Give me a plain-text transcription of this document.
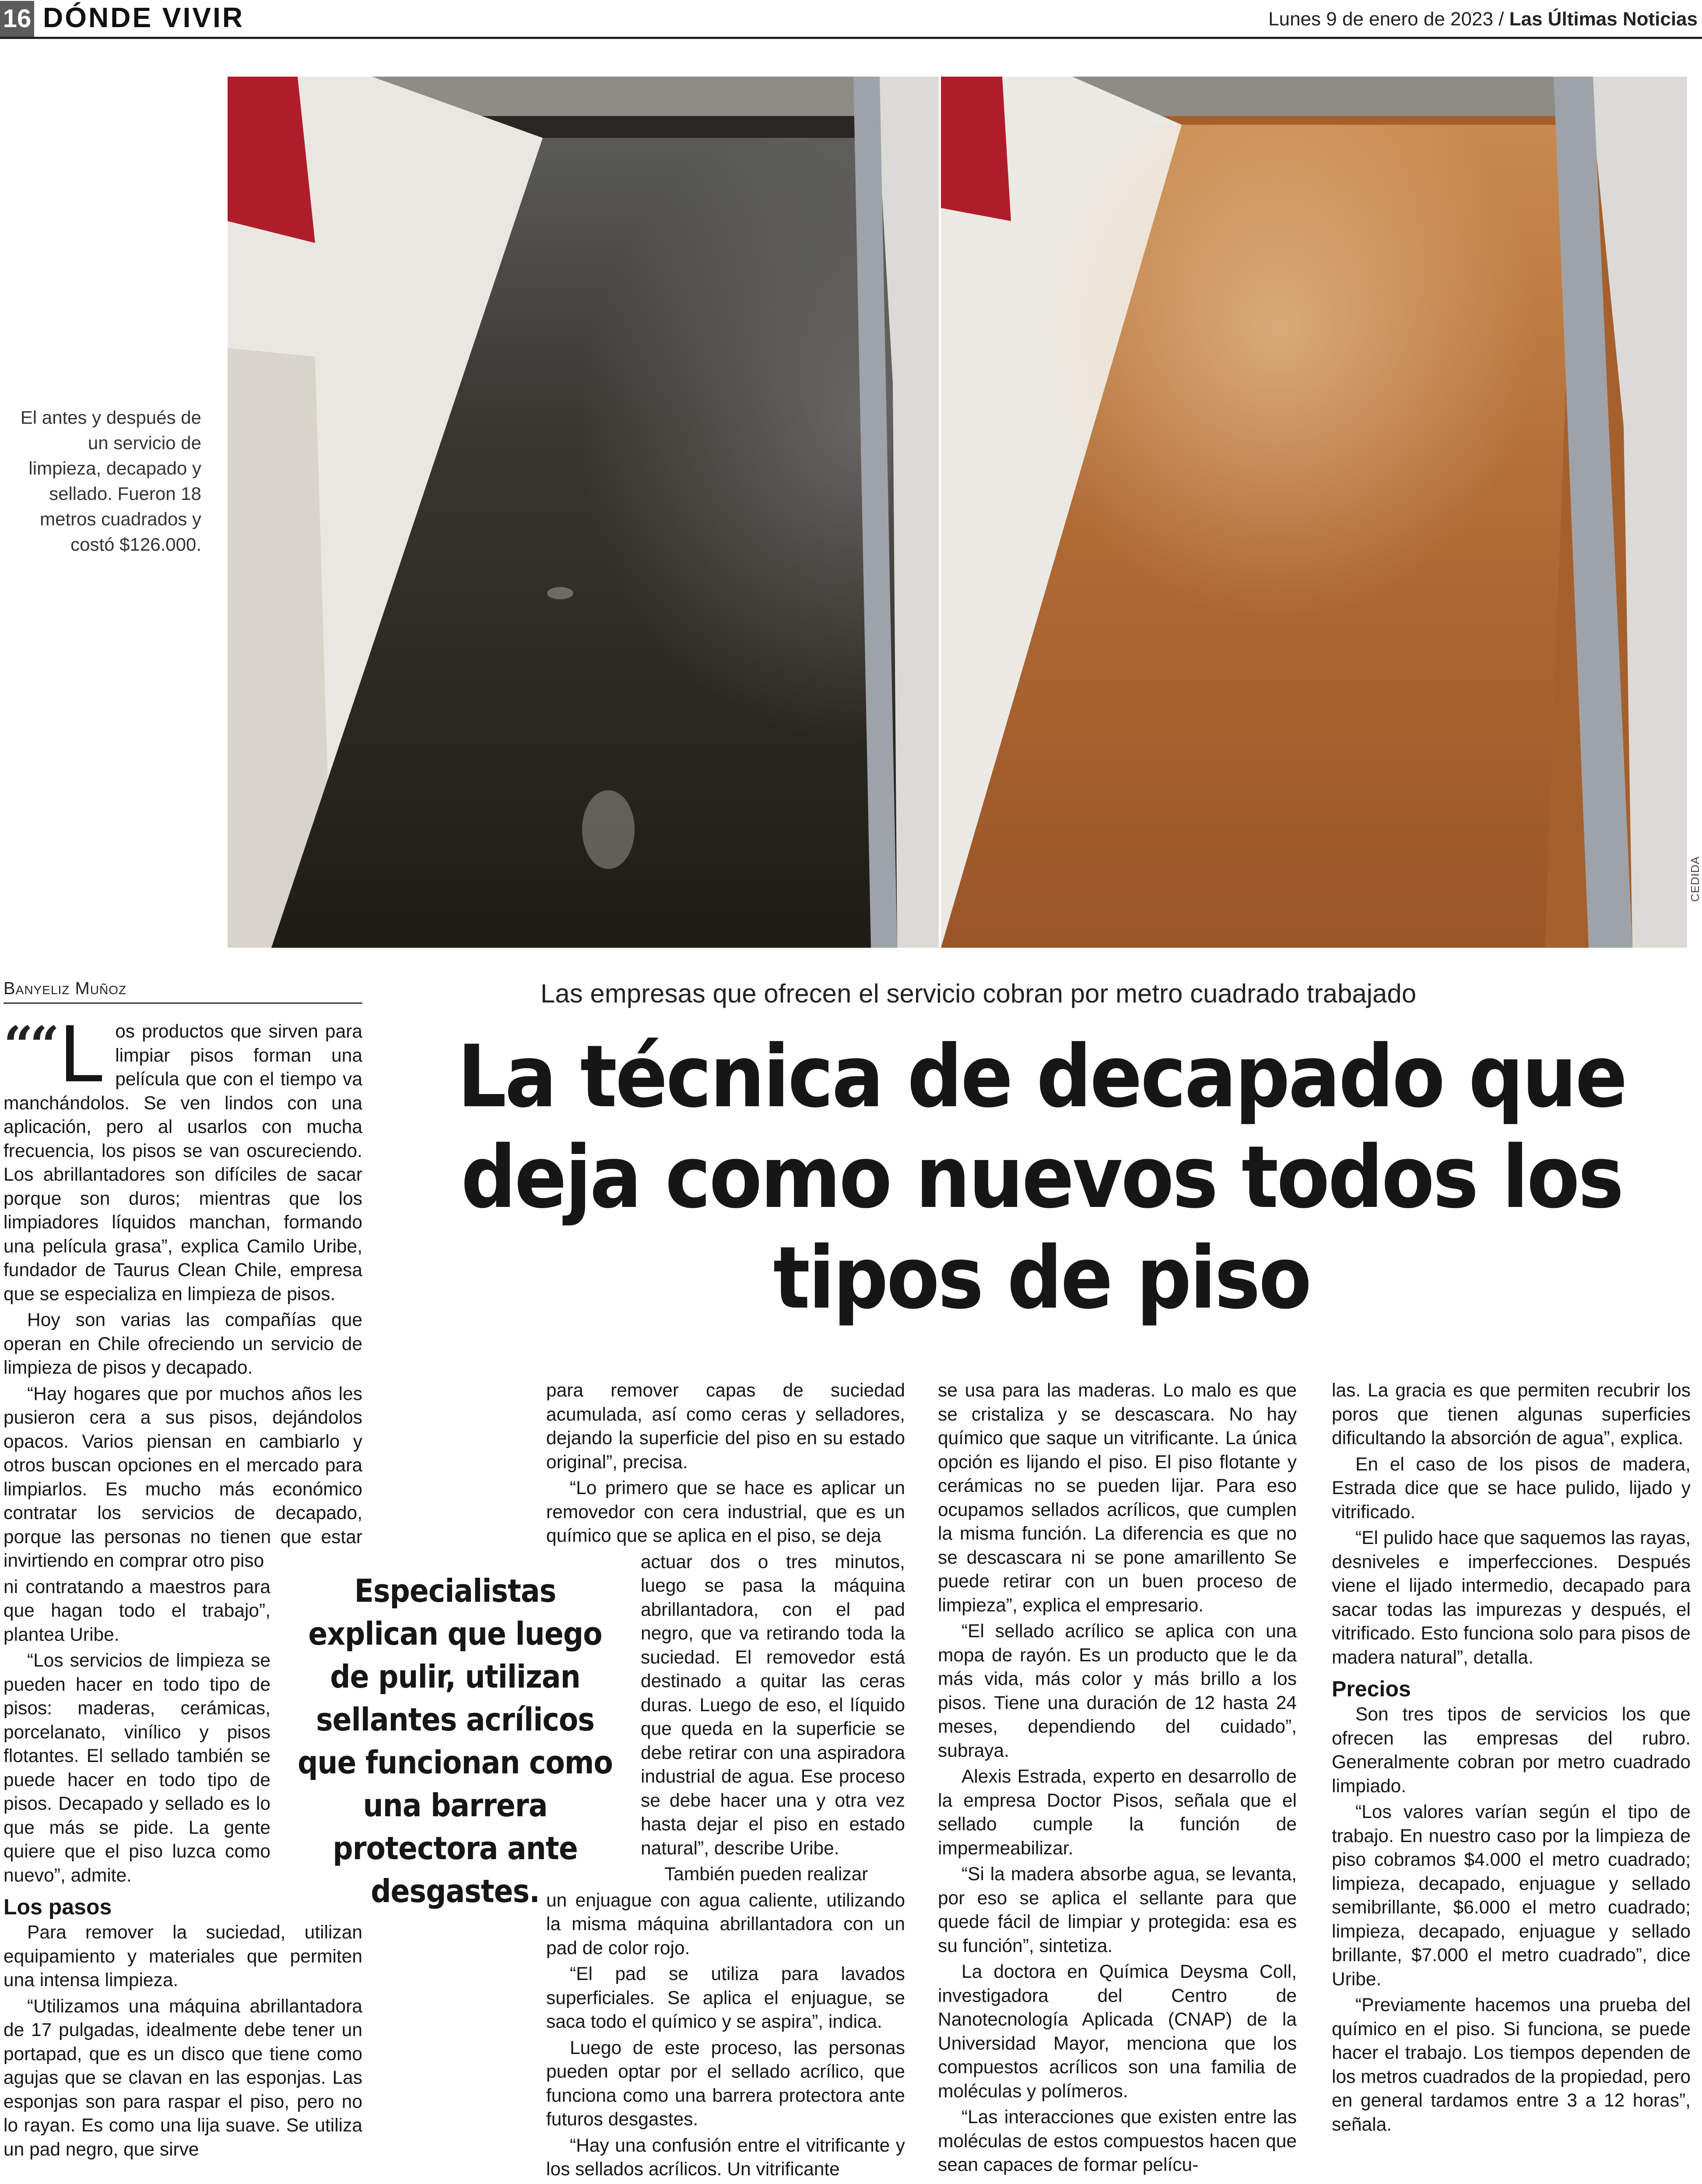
16 DÓNDE VIVIR	Lunes 9 de enero de 2023 / Las Últimas Noticias
CEDIDA
El antes y después de un servicio de limpieza, decapado y sellado. Fueron 18 metros cuadrados y costó $126.000.
Banyeliz Muñoz	Las empresas que ofrecen el servicio cobran por metro cuadrado trabajado
La técnica de decapado que deja como nuevos todos los tipos de piso

““ L os productos que sirven para limpiar pisos forman una película que con el tiempo va manchándolos. Se ven lindos con una aplicación, pero al usarlos con mucha frecuencia, los pisos se van oscureciendo. Los abrillantadores son difíciles de sacar porque son duros; mientras que los limpiadores líquidos manchan, formando una película grasa”, explica Camilo Uribe, fundador de Taurus Clean Chile, empresa que se especializa en limpieza de pisos.

Hoy son varias las compañías que operan en Chile ofreciendo un servicio de limpieza de pisos y decapado.

“Hay hogares que por muchos años les pusieron cera a sus pisos, dejándolos opacos. Varios piensan en cambiarlo y otros buscan opciones en el mercado para limpiarlos. Es mucho más económico contratar los servicios de decapado, porque las personas no tienen que estar invirtiendo en comprar otro piso

ni contratando a maestros para que hagan todo el trabajo”, plantea Uribe.

“Los servicios de limpieza se pueden hacer en todo tipo de pisos: maderas, cerámicas, porcelanato, vinílico y pisos flotantes. El sellado también se puede hacer en todo tipo de pisos. Decapado y sellado es lo que más se pide. La gente quiere que el piso luzca como nuevo”, admite.

Los pasos

Para remover la suciedad, utilizan equipamiento y materiales que permiten una intensa limpieza.

“Utilizamos una máquina abrillantadora de 17 pulgadas, idealmente debe tener un portapad, que es un disco que tiene como agujas que se clavan en las esponjas. Las esponjas son para raspar el piso, pero no lo rayan. Es como una lija suave. Se utiliza un pad negro, que sirve

Especialistas explican que luego de pulir, utilizan sellantes acrílicos que funcionan como una barrera protectora ante desgastes.

para remover capas de suciedad acumulada, así como ceras y selladores, dejando la superficie del piso en su estado original”, precisa.

“Lo primero que se hace es aplicar un removedor con cera industrial, que es un químico que se aplica en el piso, se deja

actuar dos o tres minutos, luego se pasa la máquina abrillantadora, con el pad negro, que va retirando toda la suciedad. El removedor está destinado a quitar las ceras duras. Luego de eso, el líquido que queda en la superficie se debe retirar con una aspiradora industrial de agua. Ese proceso se debe hacer una y otra vez hasta dejar el piso en estado natural”, describe Uribe.

También pueden realizar

un enjuague con agua caliente, utilizando la misma máquina abrillantadora con un pad de color rojo.

“El pad se utiliza para lavados superficiales. Se aplica el enjuague, se saca todo el químico y se aspira”, indica.

Luego de este proceso, las personas pueden optar por el sellado acrílico, que funciona como una barrera protectora ante futuros desgastes.

“Hay una confusión entre el vitrificante y los sellados acrílicos. Un vitrificante

se usa para las maderas. Lo malo es que se cristaliza y se descascara. No hay químico que saque un vitrificante. La única opción es lijando el piso. El piso flotante y cerámicas no se pueden lijar. Para eso ocupamos sellados acrílicos, que cumplen la misma función. La diferencia es que no se descascara ni se pone amarillento Se puede retirar con un buen proceso de limpieza”, explica el empresario.

“El sellado acrílico se aplica con una mopa de rayón. Es un producto que le da más vida, más color y más brillo a los pisos. Tiene una duración de 12 hasta 24 meses, dependiendo del cuidado”, subraya.

Alexis Estrada, experto en desarrollo de la empresa Doctor Pisos, señala que el sellado cumple la función de impermeabilizar.

“Si la madera absorbe agua, se levanta, por eso se aplica el sellante para que quede fácil de limpiar y protegida: esa es su función”, sintetiza.

La doctora en Química Deysma Coll, investigadora del Centro de Nanotecnología Aplicada (CNAP) de la Universidad Mayor, menciona que los compuestos acrílicos son una familia de moléculas y polímeros.

“Las interacciones que existen entre las moléculas de estos compuestos hacen que sean capaces de formar pelícu-

las. La gracia es que permiten recubrir los poros que tienen algunas superficies dificultando la absorción de agua”, explica.

En el caso de los pisos de madera, Estrada dice que se hace pulido, lijado y vitrificado.

“El pulido hace que saquemos las rayas, desniveles e imperfecciones. Después viene el lijado intermedio, decapado para sacar todas las impurezas y después, el vitrificado. Esto funciona solo para pisos de madera natural”, detalla.

Precios

Son tres tipos de servicios los que ofrecen las empresas del rubro. Generalmente cobran por metro cuadrado limpiado.

“Los valores varían según el tipo de trabajo. En nuestro caso por la limpieza de piso cobramos $4.000 el metro cuadrado; limpieza, decapado, enjuague y sellado semibrillante, $6.000 el metro cuadrado; limpieza, decapado, enjuague y sellado brillante, $7.000 el metro cuadrado”, dice Uribe.

“Previamente hacemos una prueba del químico en el piso. Si funciona, se puede hacer el trabajo. Los tiempos dependen de los metros cuadrados de la propiedad, pero en general tardamos entre 3 a 12 horas”, señala.
